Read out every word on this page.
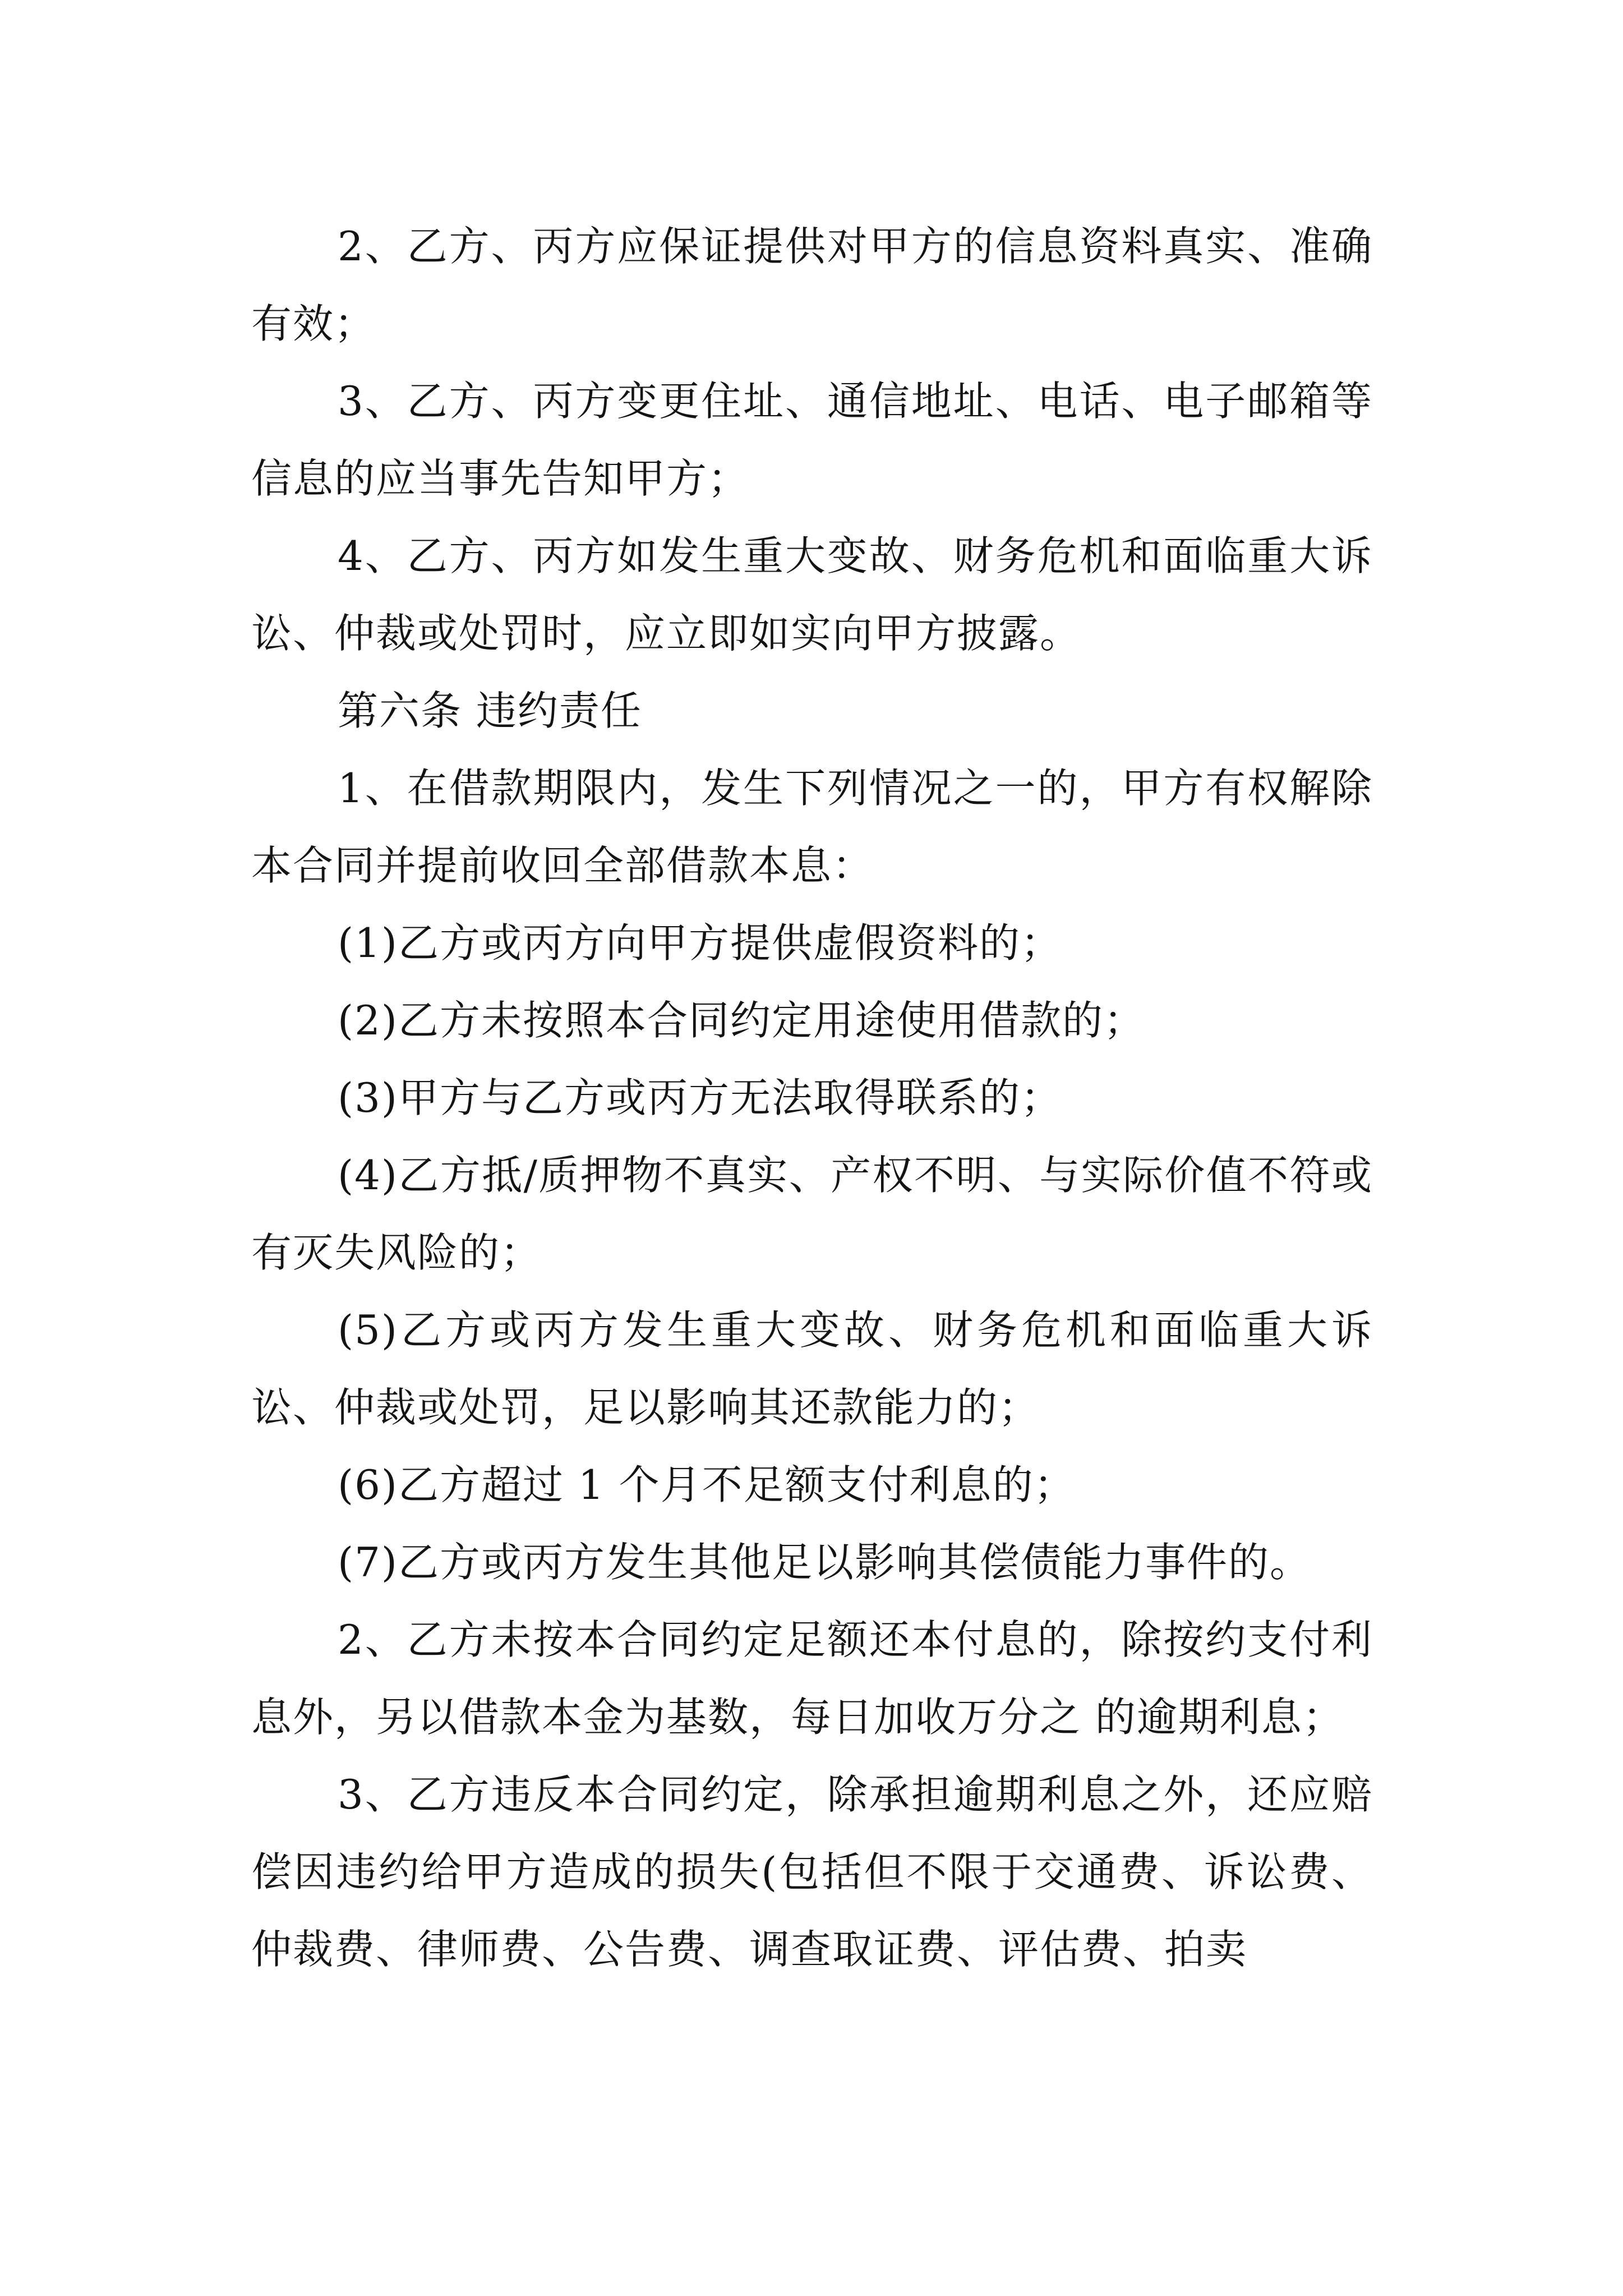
2、乙方、丙方应保证提供对甲方的信息资料真实、准确有效；

3、乙方、丙方变更住址、通信地址、电话、电子邮箱等信息的应当事先告知甲方；

4、乙方、丙方如发生重大变故、财务危机和面临重大诉讼、仲裁或处罚时，应立即如实向甲方披露。

第六条 违约责任

1、在借款期限内，发生下列情况之一的，甲方有权解除本合同并提前收回全部借款本息：

(1)乙方或丙方向甲方提供虚假资料的；

(2)乙方未按照本合同约定用途使用借款的；

(3)甲方与乙方或丙方无法取得联系的；

(4)乙方抵/质押物不真实、产权不明、与实际价值不符或有灭失风险的；

(5)乙方或丙方发生重大变故、财务危机和面临重大诉讼、仲裁或处罚，足以影响其还款能力的；

(6)乙方超过 1 个月不足额支付利息的；

(7)乙方或丙方发生其他足以影响其偿债能力事件的。

2、乙方未按本合同约定足额还本付息的，除按约支付利息外，另以借款本金为基数，每日加收万分之 的逾期利息；

3、乙方违反本合同约定，除承担逾期利息之外，还应赔偿因违约给甲方造成的损失(包括但不限于交通费、诉讼费、仲裁费、律师费、公告费、调查取证费、评估费、拍卖
